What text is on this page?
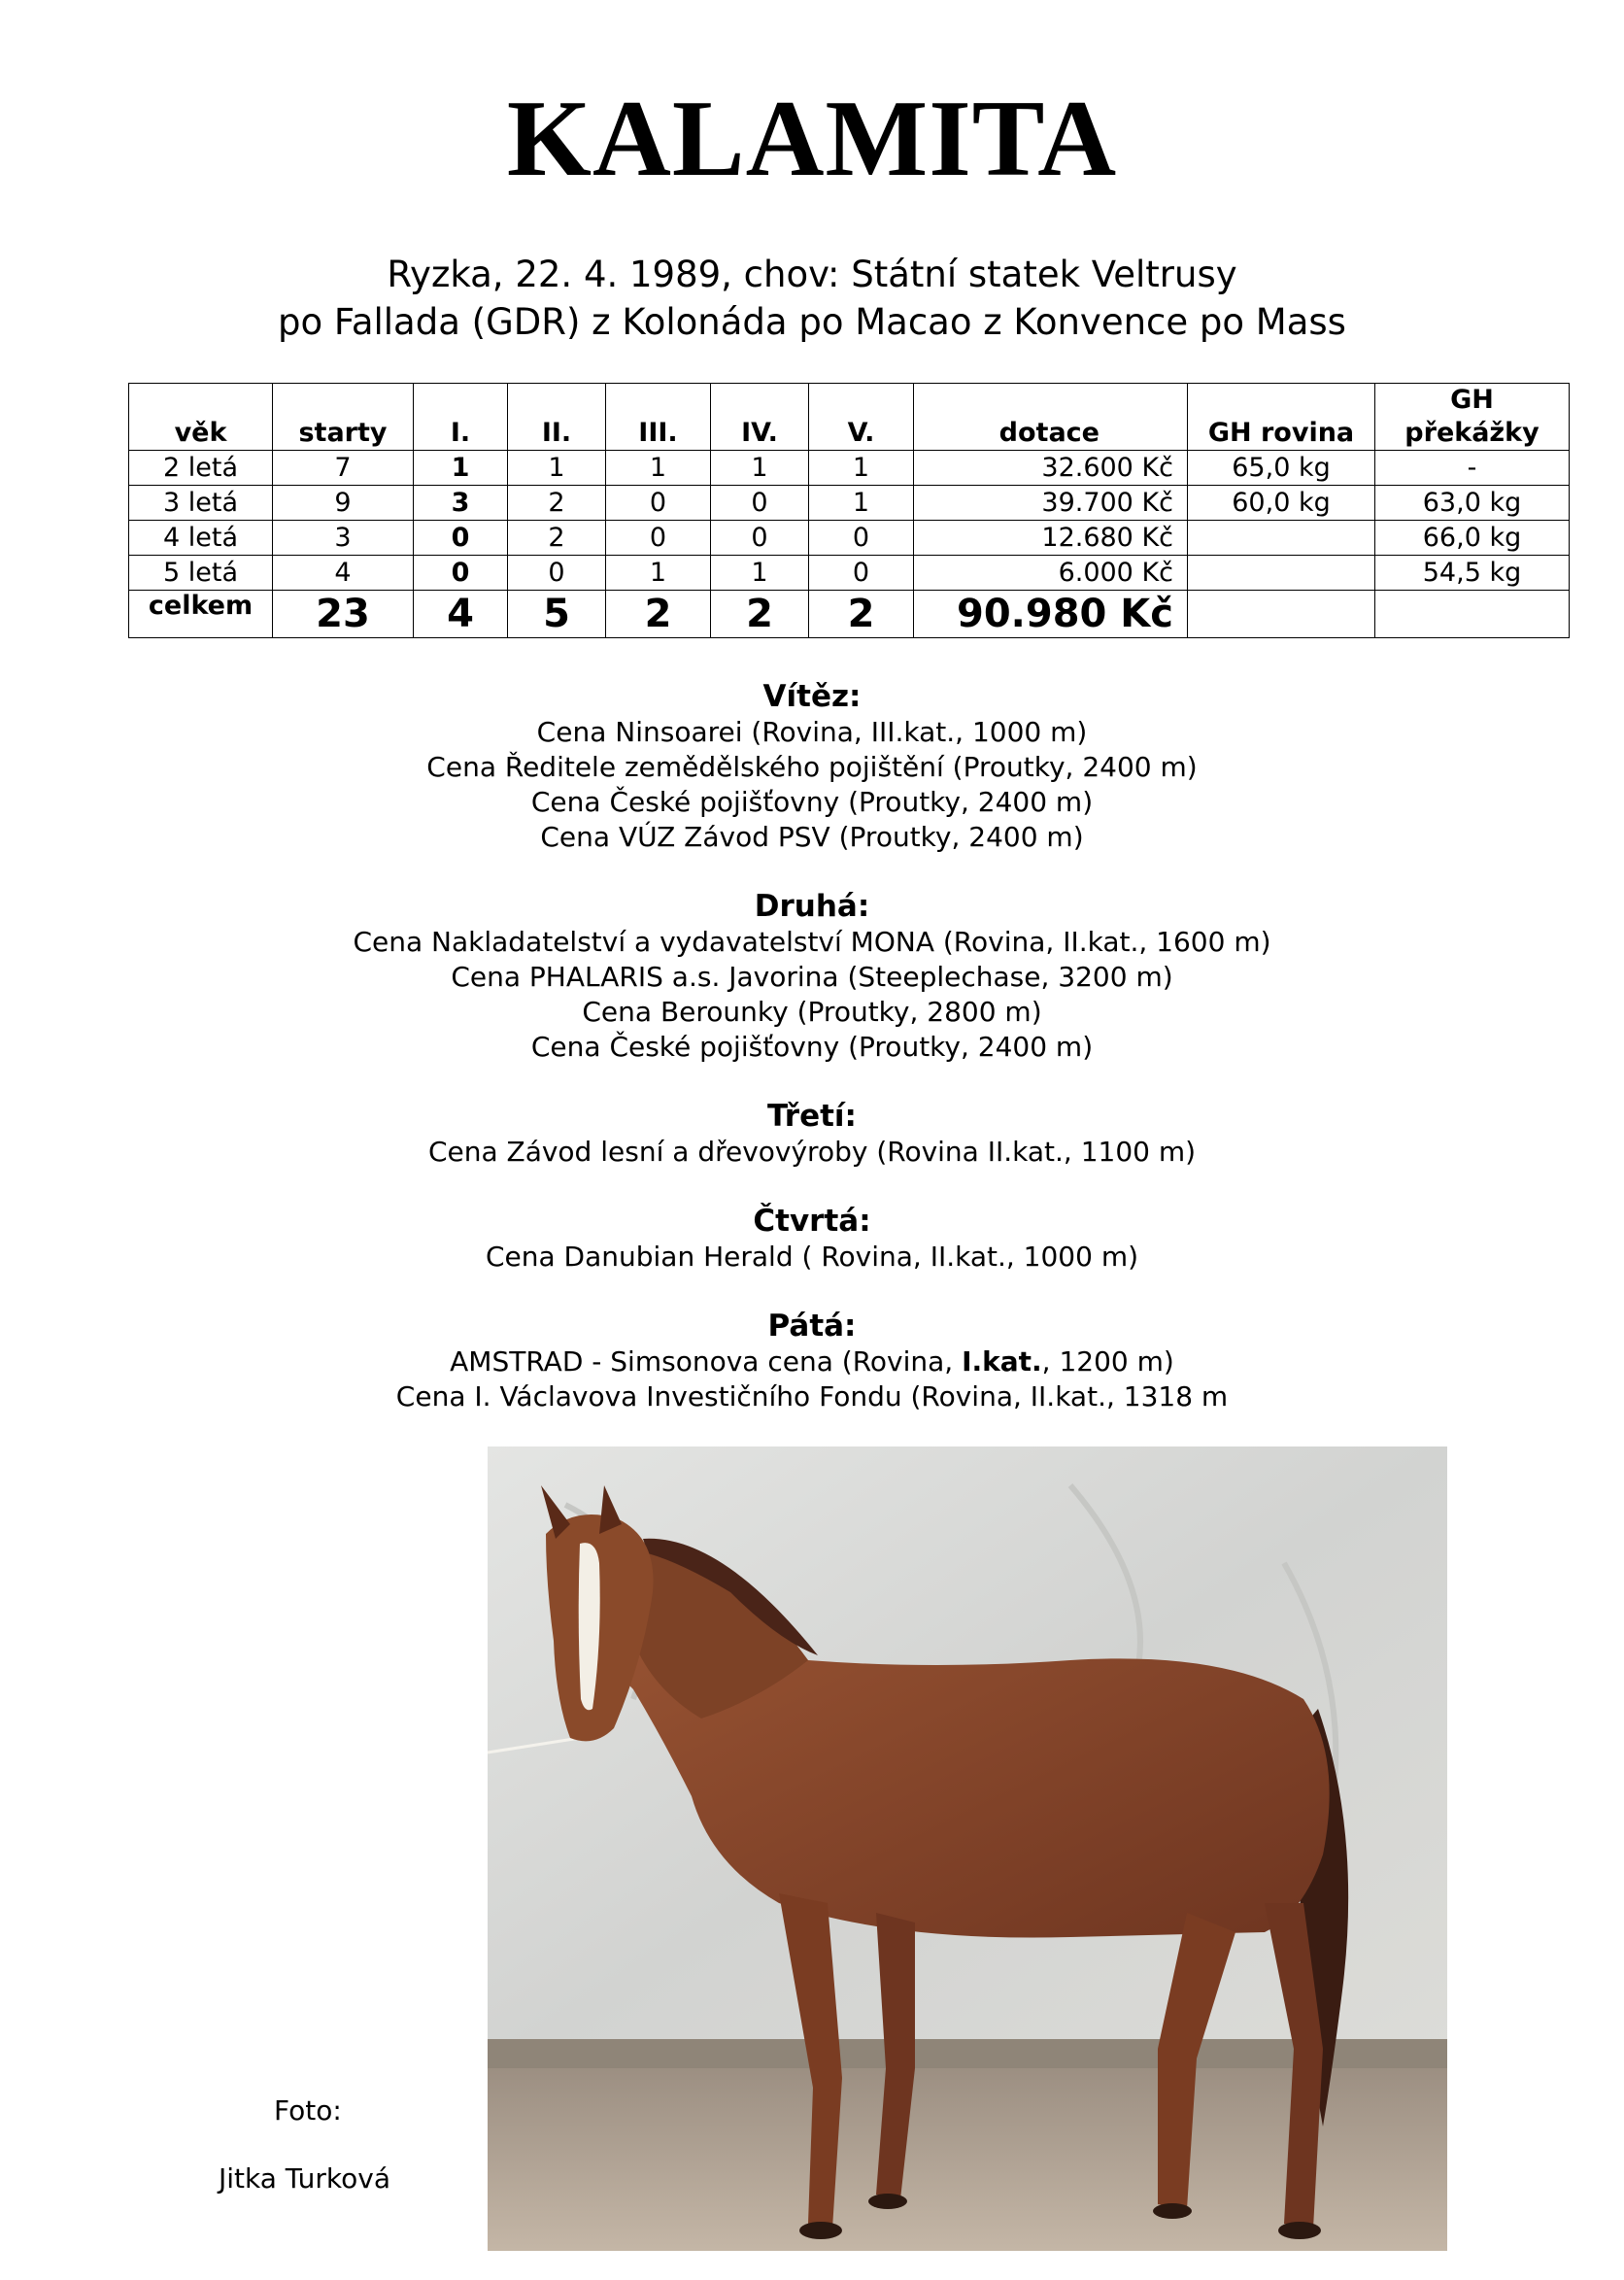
KALAMITA
Ryzka, 22. 4. 1989, chov: Státní statek Veltrusy
po Fallada (GDR) z Kolonáda po Macao z Konvence po Mass
věk	starty	I.	II.	III.	IV.	V.	dotace	GH rovina	GH překážky
2 letá	7	1	1	1	1	1	32.600 Kč	65,0 kg	-
3 letá	9	3	2	0	0	1	39.700 Kč	60,0 kg	63,0 kg
4 letá	3	0	2	0	0	0	12.680 Kč		66,0 kg
5 letá	4	0	0	1	1	0	6.000 Kč		54,5 kg
celkem	23	4	5	2	2	2	90.980 Kč		
Vítěz:
Cena Ninsoarei (Rovina, III.kat., 1000 m)
Cena Ředitele zemědělského pojištění (Proutky, 2400 m)
Cena České pojišťovny (Proutky, 2400 m)
Cena VÚZ Závod PSV (Proutky, 2400 m)
Druhá:
Cena Nakladatelství a vydavatelství MONA (Rovina, II.kat., 1600 m)
Cena PHALARIS a.s. Javorina (Steeplechase, 3200 m)
Cena Berounky (Proutky, 2800 m)
Cena České pojišťovny (Proutky, 2400 m)
Třetí:
Cena Závod lesní a dřevovýroby (Rovina II.kat., 1100 m)
Čtvrtá:
Cena Danubian Herald ( Rovina, II.kat., 1000 m)
Pátá:
AMSTRAD - Simsonova cena (Rovina, I.kat., 1200 m)
Cena I. Václavova Investičního Fondu (Rovina, II.kat., 1318 m
Foto:
Jitka Turková
